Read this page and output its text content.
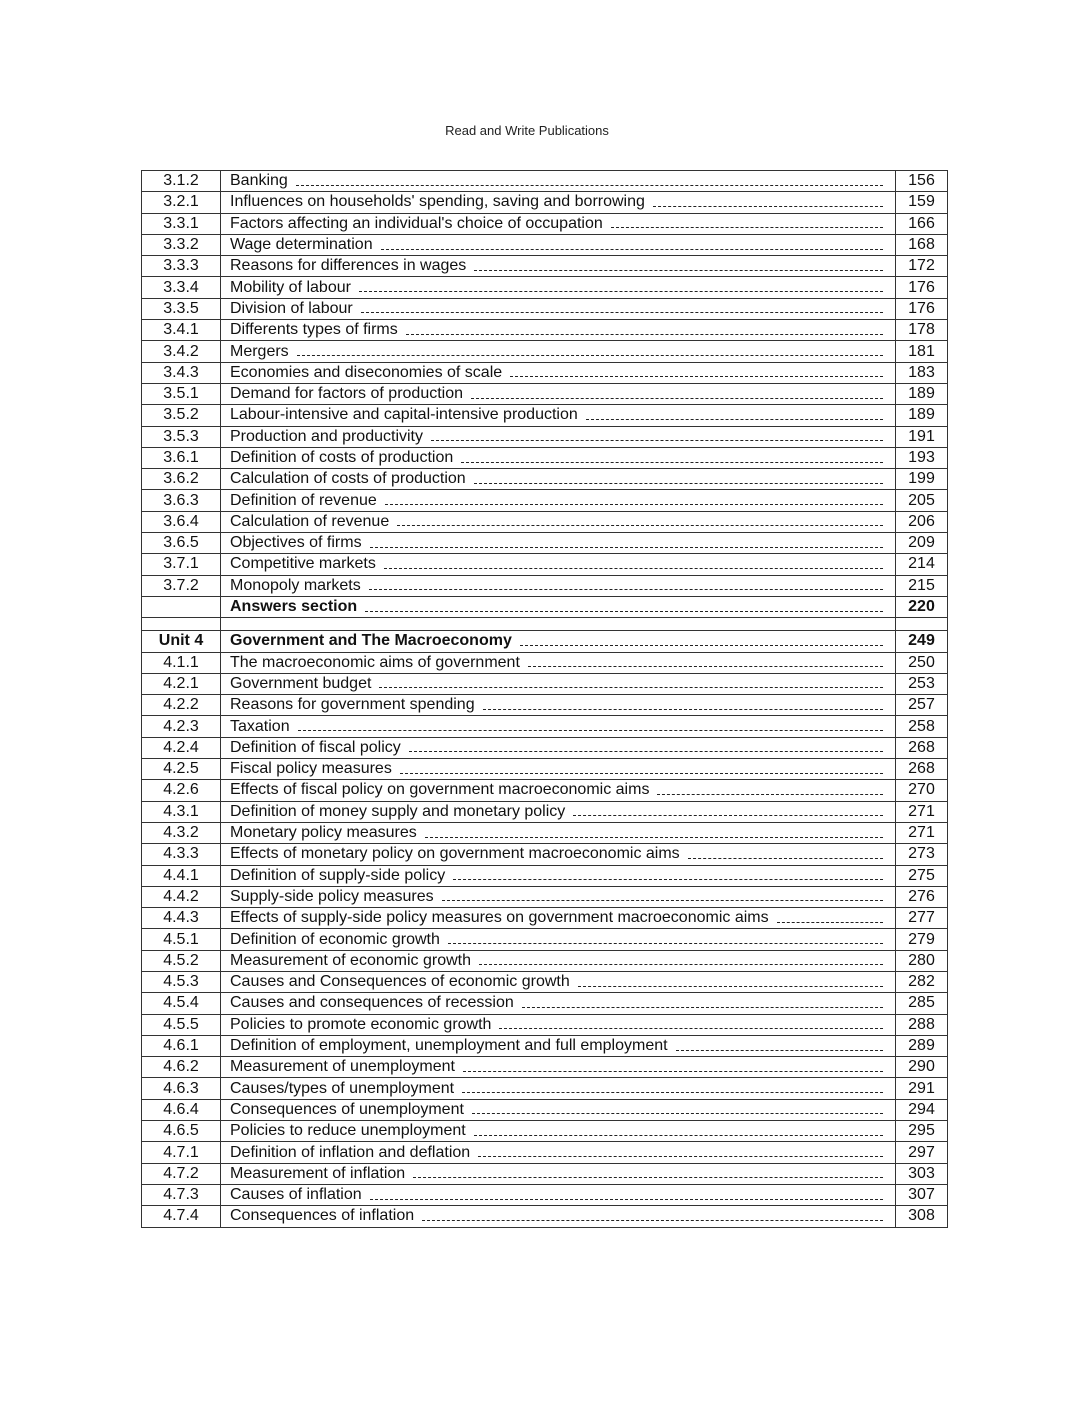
Read and Write Publications
3.1.2	Banking	156
3.2.1	Influences on households' spending, saving and borrowing	159
3.3.1	Factors affecting an individual's choice of occupation	166
3.3.2	Wage determination	168
3.3.3	Reasons for differences in wages	172
3.3.4	Mobility of labour	176
3.3.5	Division of labour	176
3.4.1	Differents types of firms	178
3.4.2	Mergers	181
3.4.3	Economies and diseconomies of scale	183
3.5.1	Demand for factors of production	189
3.5.2	Labour-intensive and capital-intensive production	189
3.5.3	Production and productivity	191
3.6.1	Definition of costs of production	193
3.6.2	Calculation of costs of production	199
3.6.3	Definition of revenue	205
3.6.4	Calculation of revenue	206
3.6.5	Objectives of firms	209
3.7.1	Competitive markets	214
3.7.2	Monopoly markets	215

	Answers section	220

Unit 4	Government and The Macroeconomy	249
4.1.1	The macroeconomic aims of government	250
4.2.1	Government budget	253
4.2.2	Reasons for government spending	257
4.2.3	Taxation	258
4.2.4	Definition of fiscal policy	268
4.2.5	Fiscal policy measures	268
4.2.6	Effects of fiscal policy on government macroeconomic aims	270
4.3.1	Definition of money supply and monetary policy	271
4.3.2	Monetary policy measures	271
4.3.3	Effects of monetary policy on government macroeconomic aims	273
4.4.1	Definition of supply-side policy	275
4.4.2	Supply-side policy measures	276
4.4.3	Effects of supply-side policy measures on government macroeconomic aims	277
4.5.1	Definition of economic growth	279
4.5.2	Measurement of economic growth	280
4.5.3	Causes and Consequences of economic growth	282
4.5.4	Causes and consequences of recession	285
4.5.5	Policies to promote economic growth	288
4.6.1	Definition of employment, unemployment and full employment	289
4.6.2	Measurement of unemployment	290
4.6.3	Causes/types of unemployment	291
4.6.4	Consequences of unemployment	294
4.6.5	Policies to reduce unemployment	295
4.7.1	Definition of inflation and deflation	297
4.7.2	Measurement of inflation	303
4.7.3	Causes of inflation	307
4.7.4	Consequences of inflation	308
